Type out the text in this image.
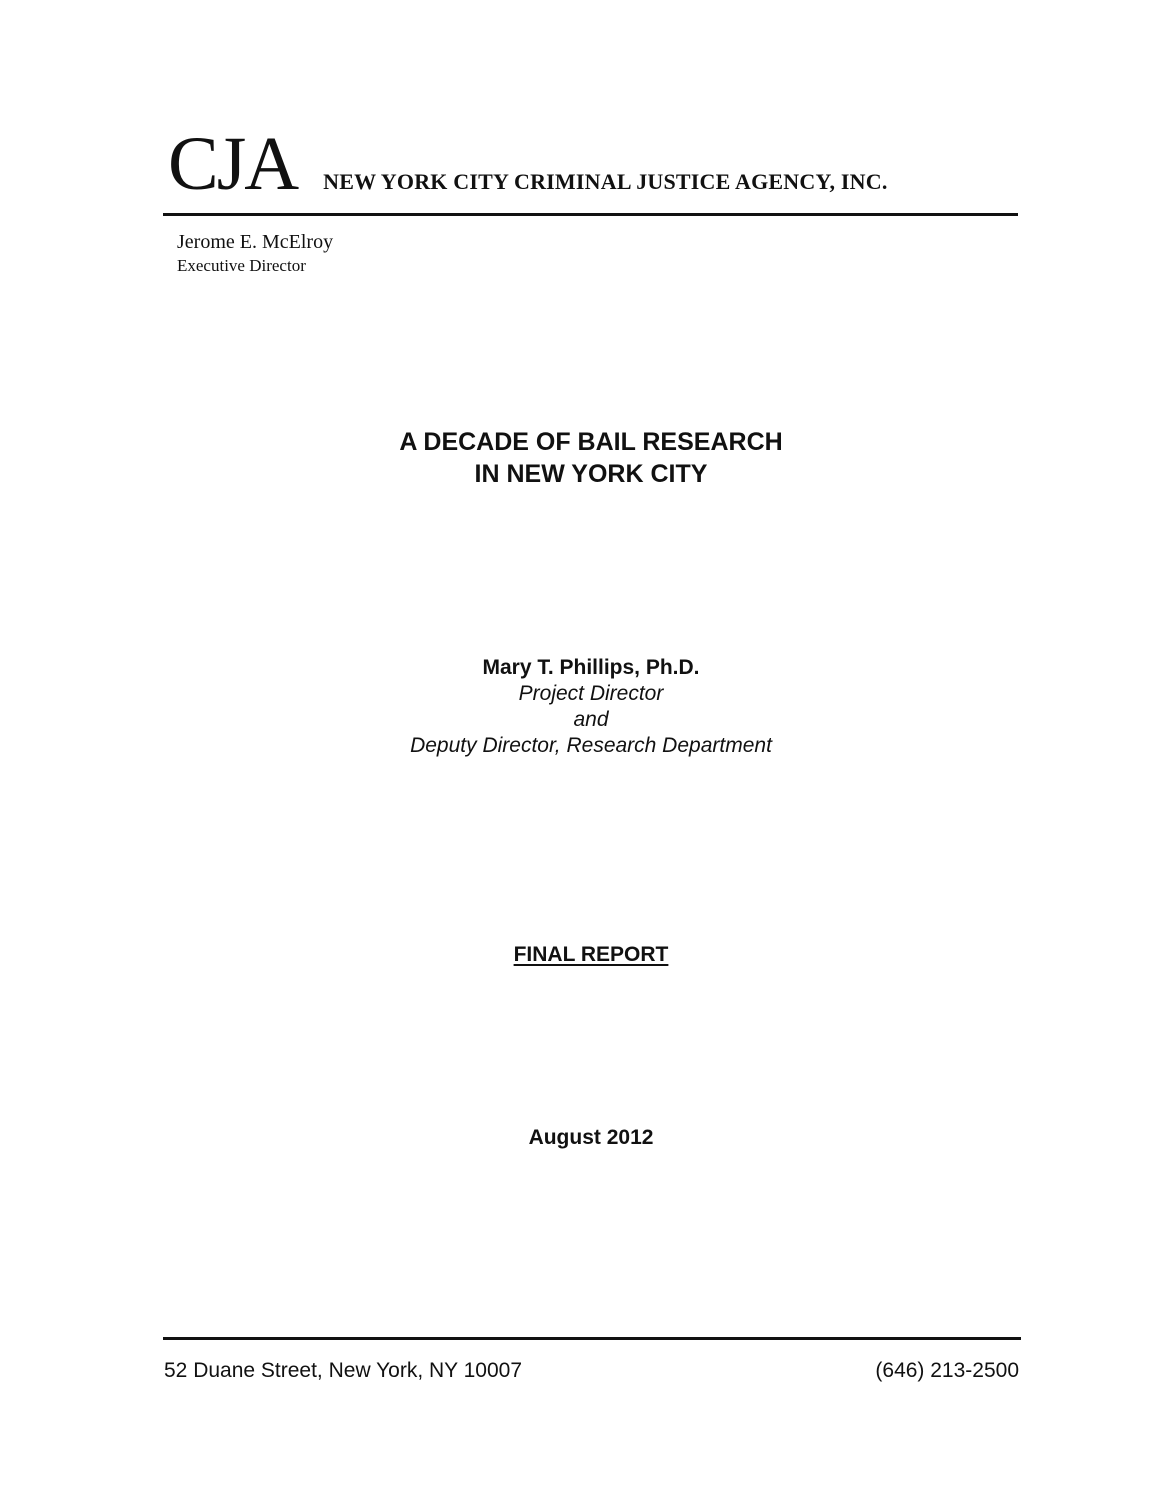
CJA NEW YORK CITY CRIMINAL JUSTICE AGENCY, INC.
Jerome E. McElroy
Executive Director
A DECADE OF BAIL RESEARCH
IN NEW YORK CITY
Mary T. Phillips, Ph.D.
Project Director
and
Deputy Director, Research Department
FINAL REPORT
August 2012
52 Duane Street, New York, NY 10007	(646) 213-2500
